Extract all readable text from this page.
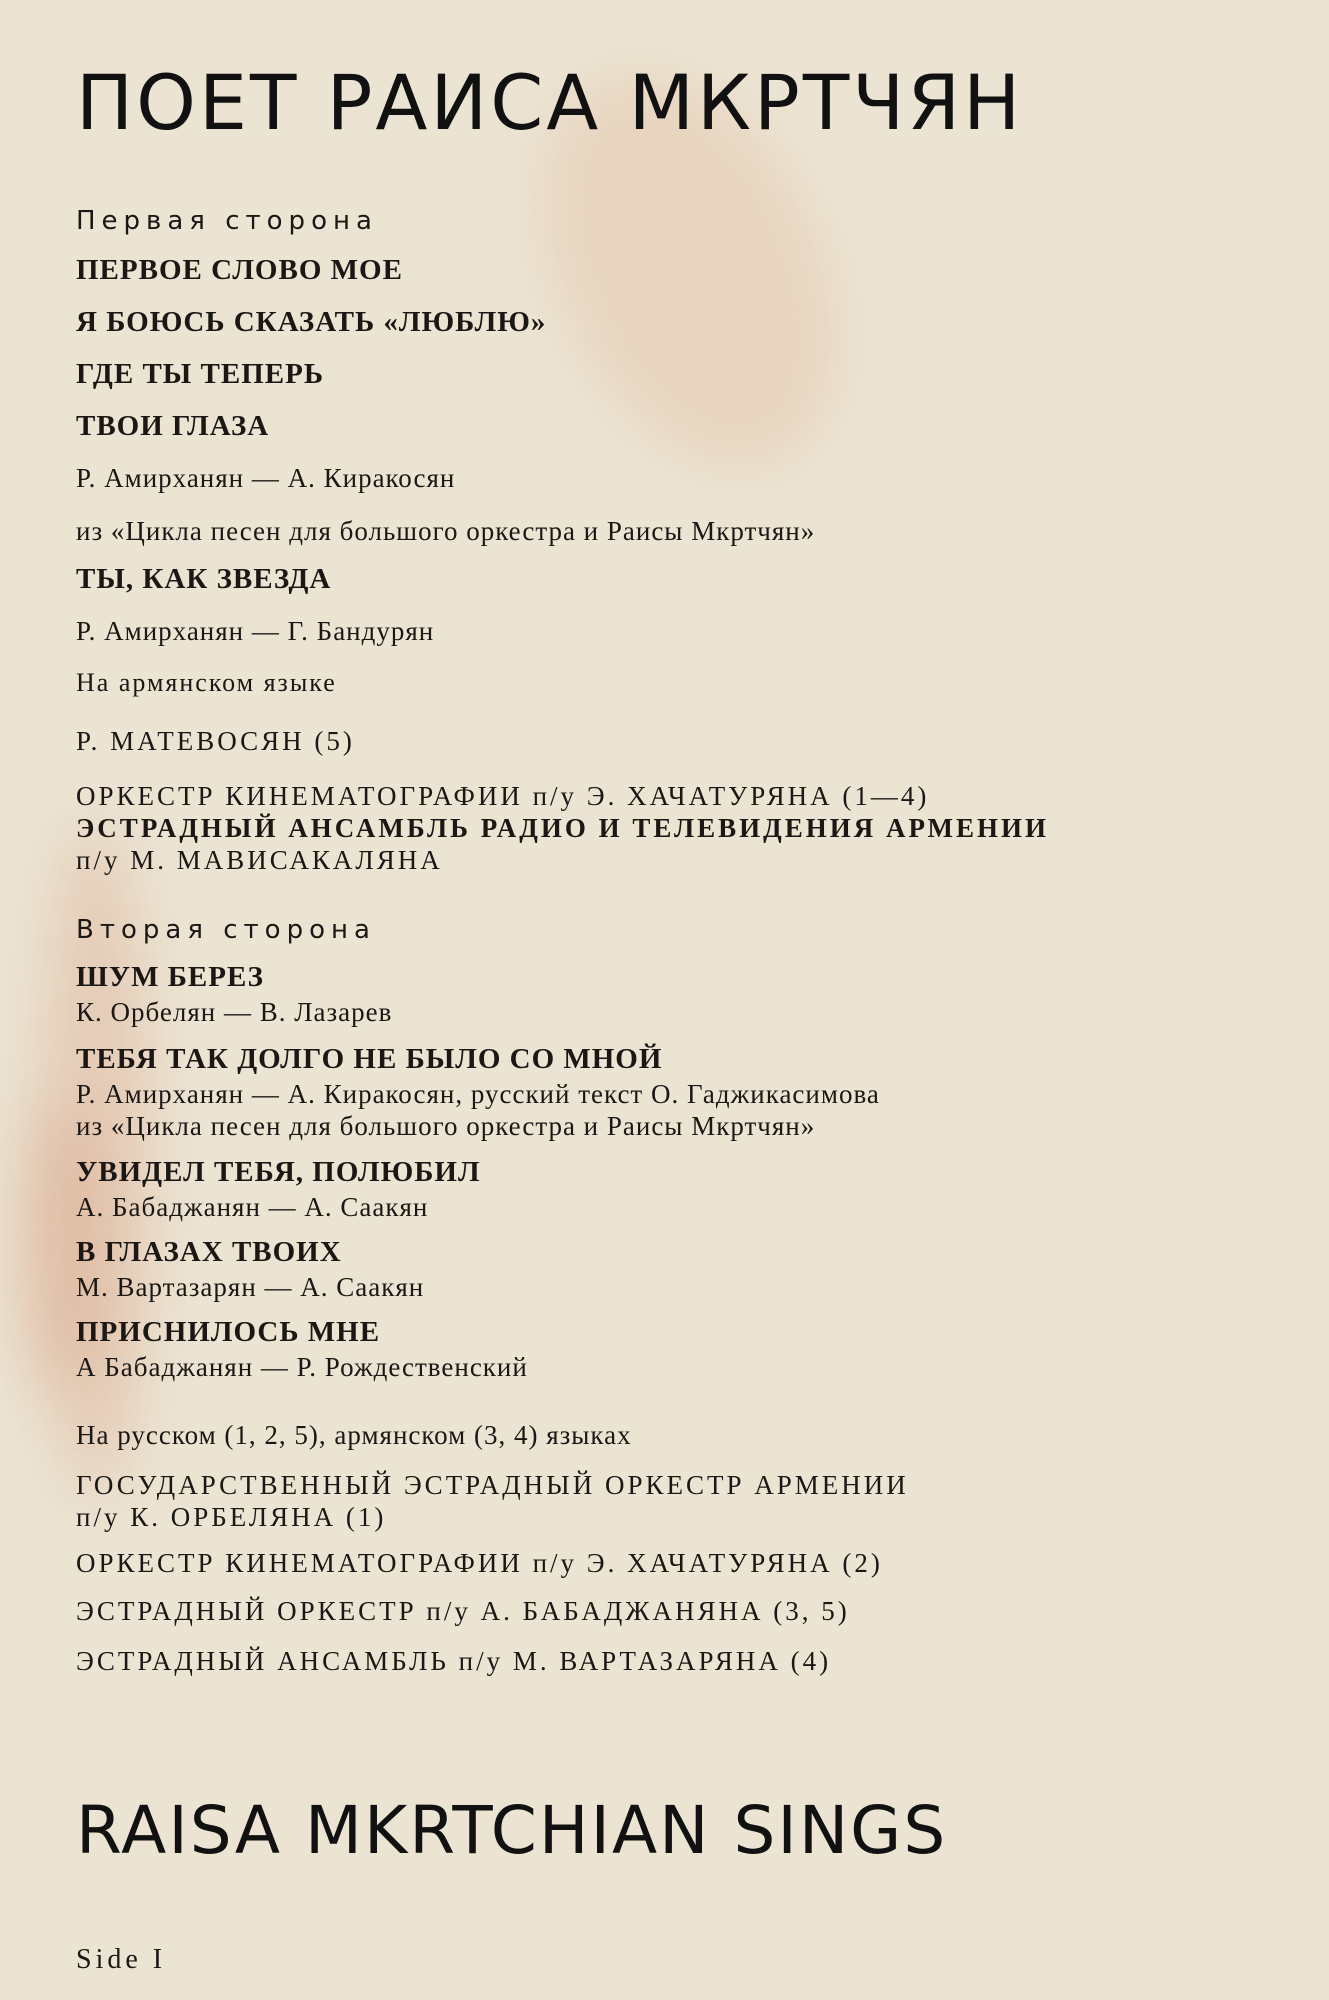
ПОЕТ РАИСА МКРТЧЯН
Первая сторона
ПЕРВОЕ СЛОВО МОЕ
Я БОЮСЬ СКАЗАТЬ «ЛЮБЛЮ»
ГДЕ ТЫ ТЕПЕРЬ
ТВОИ ГЛАЗА
Р. Амирханян — А. Киракосян
из «Цикла песен для большого оркестра и Раисы Мкртчян»
ТЫ, КАК ЗВЕЗДА
Р. Амирханян — Г. Бандурян
На армянском языке
Р. МАТЕВОСЯН (5)
ОРКЕСТР КИНЕМАТОГРАФИИ п/у Э. ХАЧАТУРЯНА (1—4)
ЭСТРАДНЫЙ АНСАМБЛЬ РАДИО И ТЕЛЕВИДЕНИЯ АРМЕНИИ
п/у М. МАВИСАКАЛЯНА
Вторая сторона
ШУМ БЕРЕЗ
К. Орбелян — В. Лазарев
ТЕБЯ ТАК ДОЛГО НЕ БЫЛО СО МНОЙ
Р. Амирханян — А. Киракосян, русский текст О. Гаджикасимова
из «Цикла песен для большого оркестра и Раисы Мкртчян»
УВИДЕЛ ТЕБЯ, ПОЛЮБИЛ
А. Бабаджанян — А. Саакян
В ГЛАЗАХ ТВОИХ
М. Вартазарян — А. Саакян
ПРИСНИЛОСЬ МНЕ
А Бабаджанян — Р. Рождественский
На русском (1, 2, 5), армянском (3, 4) языках
ГОСУДАРСТВЕННЫЙ ЭСТРАДНЫЙ ОРКЕСТР АРМЕНИИ
п/у К. ОРБЕЛЯНА (1)
ОРКЕСТР КИНЕМАТОГРАФИИ п/у Э. ХАЧАТУРЯНА (2)
ЭСТРАДНЫЙ ОРКЕСТР п/у А. БАБАДЖАНЯНА (3, 5)
ЭСТРАДНЫЙ АНСАМБЛЬ п/у М. ВАРТАЗАРЯНА (4)
RAISA MKRTCHIAN SINGS
Side I
